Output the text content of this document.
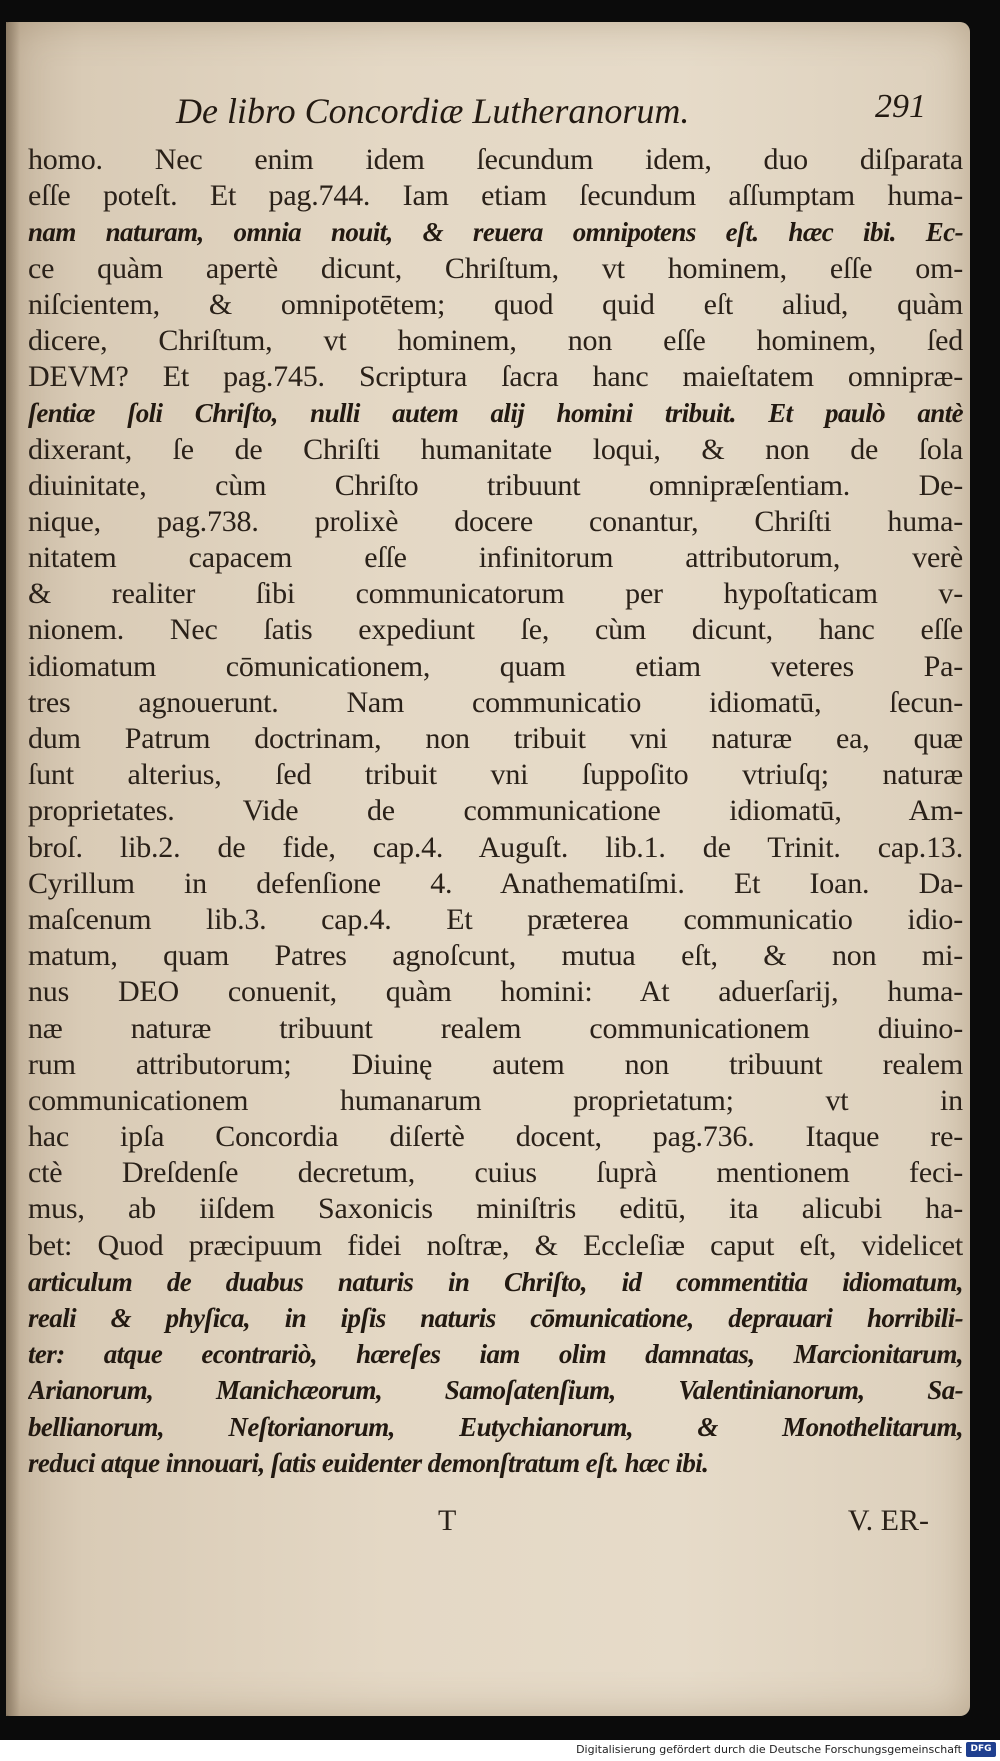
De libro Concordiæ Lutheranorum.	291
homo. Nec enim idem ſecundum idem, duo diſparata
eſſe poteſt. Et pag.744. Iam etiam ſecundum aſſumptam huma-
nam naturam, omnia nouit, & reuera omnipotens eſt. hæc ibi. Ec-
ce quàm apertè dicunt, Chriſtum, vt hominem, eſſe om-
niſcientem, & omnipotētem; quod quid eſt aliud, quàm
dicere, Chriſtum, vt hominem, non eſſe hominem, ſed
DEVM? Et pag.745. Scriptura ſacra hanc maieſtatem omnipræ-
ſentiæ ſoli Chriſto, nulli autem alij homini tribuit. Et paulò antè
dixerant, ſe de Chriſti humanitate loqui, & non de ſola
diuinitate, cùm Chriſto tribuunt omnipræſentiam. De-
nique, pag.738. prolixè docere conantur, Chriſti huma-
nitatem capacem eſſe infinitorum attributorum, verè
& realiter ſibi communicatorum per hypoſtaticam v-
nionem. Nec ſatis expediunt ſe, cùm dicunt, hanc eſſe
idiomatum cōmunicationem, quam etiam veteres Pa-
tres agnouerunt. Nam communicatio idiomatū, ſecun-
dum Patrum doctrinam, non tribuit vni naturæ ea, quæ
ſunt alterius, ſed tribuit vni ſuppoſito vtriuſq; naturæ
proprietates. Vide de communicatione idiomatū, Am-
broſ. lib.2. de fide, cap.4. Auguſt. lib.1. de Trinit. cap.13.
Cyrillum in defenſione 4. Anathematiſmi. Et Ioan. Da-
maſcenum lib.3. cap.4. Et præterea communicatio idio-
matum, quam Patres agnoſcunt, mutua eſt, & non mi-
nus DEO conuenit, quàm homini: At aduerſarij, huma-
næ naturæ tribuunt realem communicationem diuino-
rum attributorum; Diuinę autem non tribuunt realem
communicationem humanarum proprietatum; vt in
hac ipſa Concordia diſertè docent, pag.736. Itaque re-
ctè Dreſdenſe decretum, cuius ſuprà mentionem feci-
mus, ab iiſdem Saxonicis miniſtris editū, ita alicubi ha-
bet: Quod præcipuum fidei noſtræ, & Eccleſiæ caput eſt, videlicet
articulum de duabus naturis in Chriſto, id commentitia idiomatum,
reali & phyſica, in ipſis naturis cōmunicatione, deprauari horribili-
ter: atque econtrariò, hæreſes iam olim damnatas, Marcionitarum,
Arianorum, Manichæorum, Samoſatenſium, Valentinianorum, Sa-
bellianorum, Neſtorianorum, Eutychianorum, & Monothelitarum,
reduci atque innouari, ſatis euidenter demonſtratum eſt. hæc ibi.
T	V. ER-
Digitalisierung gefördert durch die Deutsche Forschungsgemeinschaft DFG
